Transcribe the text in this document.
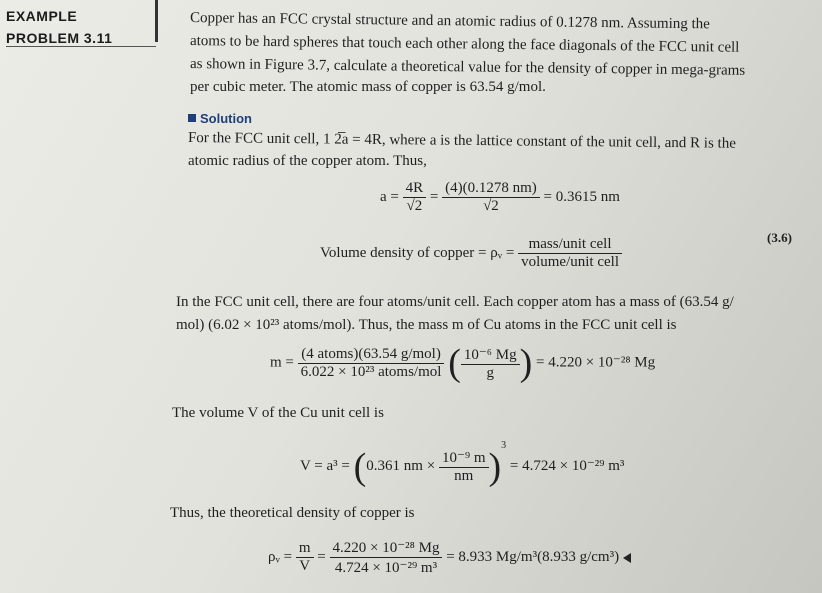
EXAMPLE
PROBLEM 3.11
Copper has an FCC crystal structure and an atomic radius of 0.1278 nm. Assuming the
atoms to be hard spheres that touch each other along the face diagonals of the FCC unit cell
as shown in Figure 3.7, calculate a theoretical value for the density of copper in mega-grams
per cubic meter. The atomic mass of copper is 63.54 g/mol.
Solution
For the FCC unit cell, 1 2̅a = 4R, where a is the lattice constant of the unit cell, and R is the
atomic radius of the copper atom. Thus,
$a = \frac{4R}{√2} = \frac{(4)(0.1278 nm)}{√2} = 0.3615$ nm
(3.6)
Volume density of copper = ρᵥ = $\frac{\text{mass/unit cell}}{\text{volume/unit cell}}$
In the FCC unit cell, there are four atoms/unit cell. Each copper atom has a mass of (63.54 g/
mol) (6.02 × 10²³ atoms/mol). Thus, the mass m of Cu atoms in the FCC unit cell is
$m = \frac{\text{(4 atoms)(63.54 g/mol)}}{\text{6.022 × 10²³ atoms/mol}}$ ( $\frac{\text{10⁻⁶ Mg}}{g}$ ) = 4.220 × 10⁻²⁸ Mg
The volume V of the Cu unit cell is
V = a³ = (0.361 nm × $\frac{\text{10⁻⁹ m}}{nm} )^3 = 4.724 \times 10^{-29}$ m³
Thus, the theoretical density of copper is
ρᵥ = $\frac{m}{V} = \frac{\text{4.220 × 10⁻²⁸ Mg}}{\text{4.724 × 10⁻²⁹ m³}} = 8.933$ Mg/m³(8.933 g/cm³)
